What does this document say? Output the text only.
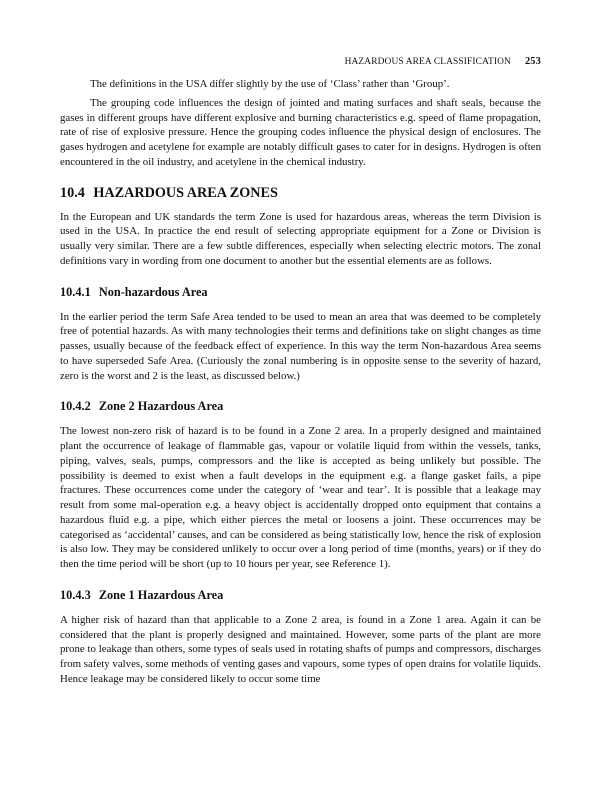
HAZARDOUS AREA CLASSIFICATION 253

The definitions in the USA differ slightly by the use of ‘Class’ rather than ‘Group’.

The grouping code influences the design of jointed and mating surfaces and shaft seals, because the gases in different groups have different explosive and burning characteristics e.g. speed of flame propagation, rate of rise of explosive pressure. Hence the grouping codes influence the physical design of enclosures. The gases hydrogen and acetylene for example are notably difficult gases to cater for in designs. Hydrogen is often encountered in the oil industry, and acetylene in the chemical industry.

10.4 HAZARDOUS AREA ZONES

In the European and UK standards the term Zone is used for hazardous areas, whereas the term Division is used in the USA. In practice the end result of selecting appropriate equipment for a Zone or Division is usually very similar. There are a few subtle differences, especially when selecting electric motors. The zonal definitions vary in wording from one document to another but the essential elements are as follows.

10.4.1 Non-hazardous Area

In the earlier period the term Safe Area tended to be used to mean an area that was deemed to be completely free of potential hazards. As with many technologies their terms and definitions take on slight changes as time passes, usually because of the feedback effect of experience. In this way the term Non-hazardous Area seems to have superseded Safe Area. (Curiously the zonal numbering is in opposite sense to the severity of hazard, zero is the worst and 2 is the least, as discussed below.)

10.4.2 Zone 2 Hazardous Area

The lowest non-zero risk of hazard is to be found in a Zone 2 area. In a properly designed and maintained plant the occurrence of leakage of flammable gas, vapour or volatile liquid from within the vessels, tanks, piping, valves, seals, pumps, compressors and the like is accepted as being unlikely but possible. The possibility is deemed to exist when a fault develops in the equipment e.g. a flange gasket fails, a pipe fractures. These occurrences come under the category of ‘wear and tear’. It is possible that a leakage may result from some mal-operation e.g. a heavy object is accidentally dropped onto equipment that contains a hazardous fluid e.g. a pipe, which either pierces the metal or loosens a joint. These occurrences may be categorised as ‘accidental’ causes, and can be considered as being statistically low, hence the risk of explosion is also low. They may be considered unlikely to occur over a long period of time (months, years) or if they do then the time period will be short (up to 10 hours per year, see Reference 1).

10.4.3 Zone 1 Hazardous Area

A higher risk of hazard than that applicable to a Zone 2 area, is found in a Zone 1 area. Again it can be considered that the plant is properly designed and maintained. However, some parts of the plant are more prone to leakage than others, some types of seals used in rotating shafts of pumps and compressors, discharges from safety valves, some methods of venting gases and vapours, some types of open drains for volatile liquids. Hence leakage may be considered likely to occur some time
